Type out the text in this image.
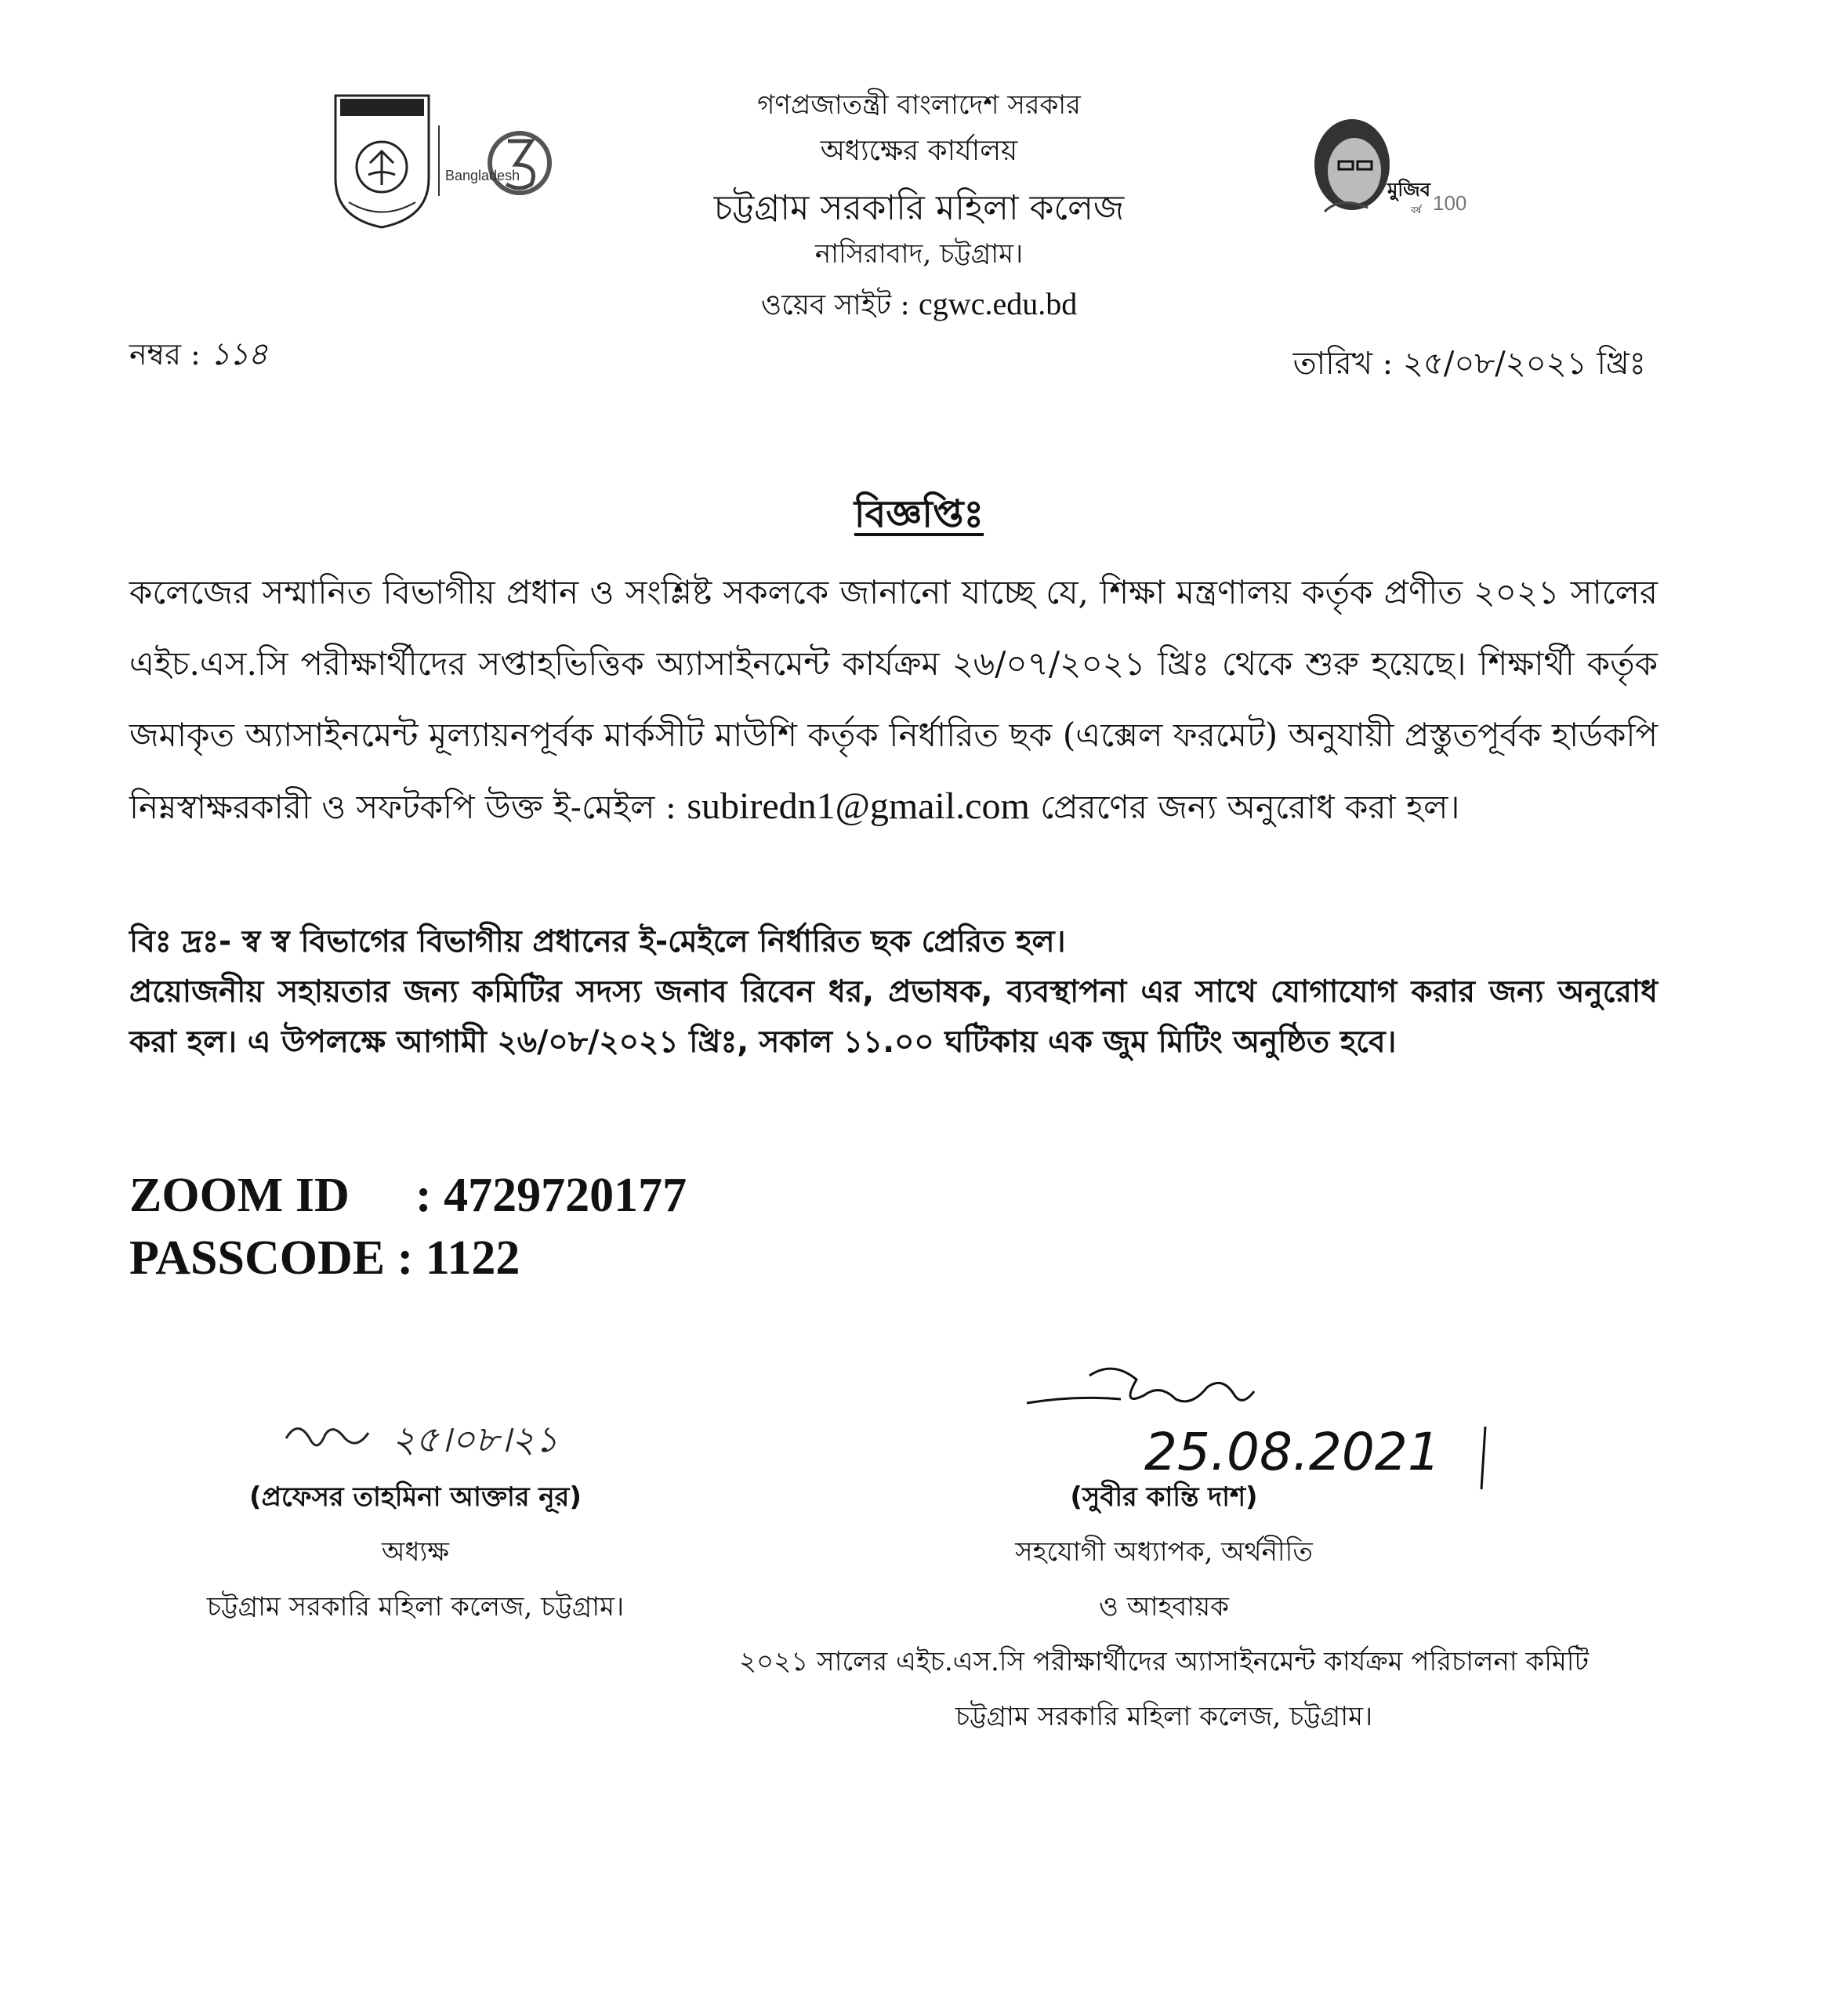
Bangladesh
গণপ্রজাতন্ত্রী বাংলাদেশ সরকার
অধ্যক্ষের কার্যালয়
চট্টগ্রাম সরকারি মহিলা কলেজ
নাসিরাবাদ, চট্টগ্রাম।
ওয়েব সাইট : cgwc.edu.bd
মুজিব
বর্ষ 100
নম্বর : ১১৪	তারিখ : ২৫/০৮/২০২১ খ্রিঃ
বিজ্ঞপ্তিঃ
কলেজের সম্মানিত বিভাগীয় প্রধান ও সংশ্লিষ্ট সকলকে জানানো যাচ্ছে যে, শিক্ষা মন্ত্রণালয় কর্তৃক প্রণীত ২০২১ সালের এইচ.এস.সি পরীক্ষার্থীদের সপ্তাহভিত্তিক অ্যাসাইনমেন্ট কার্যক্রম ২৬/০৭/২০২১ খ্রিঃ থেকে শুরু হয়েছে। শিক্ষার্থী কর্তৃক জমাকৃত অ্যাসাইনমেন্ট মূল্যায়নপূর্বক মার্কসীট মাউশি কর্তৃক নির্ধারিত ছক (এক্সেল ফরমেট) অনুযায়ী প্রস্তুতপূর্বক হার্ডকপি নিম্নস্বাক্ষরকারী ও সফটকপি উক্ত ই-মেইল : subiredn1@gmail.com প্রেরণের জন্য অনুরোধ করা হল।
বিঃ দ্রঃ- স্ব স্ব বিভাগের বিভাগীয় প্রধানের ই-মেইলে নির্ধারিত ছক প্রেরিত হল।
প্রয়োজনীয় সহায়তার জন্য কমিটির সদস্য জনাব রিবেন ধর, প্রভাষক, ব্যবস্থাপনা এর সাথে যোগাযোগ করার জন্য অনুরোধ করা হল। এ উপলক্ষে আগামী ২৬/০৮/২০২১ খ্রিঃ, সকাল ১১.০০ ঘটিকায় এক জুম মিটিং অনুষ্ঠিত হবে।
ZOOM ID : 4729720177
PASSCODE : 1122
২৫।০৮।২১	25.08.2021
(প্রফেসর তাহমিনা আক্তার নূর)
অধ্যক্ষ
চট্টগ্রাম সরকারি মহিলা কলেজ, চট্টগ্রাম।
(সুবীর কান্তি দাশ)
সহযোগী অধ্যাপক, অর্থনীতি
ও আহবায়ক
২০২১ সালের এইচ.এস.সি পরীক্ষার্থীদের অ্যাসাইনমেন্ট কার্যক্রম পরিচালনা কমিটি
চট্টগ্রাম সরকারি মহিলা কলেজ, চট্টগ্রাম।
